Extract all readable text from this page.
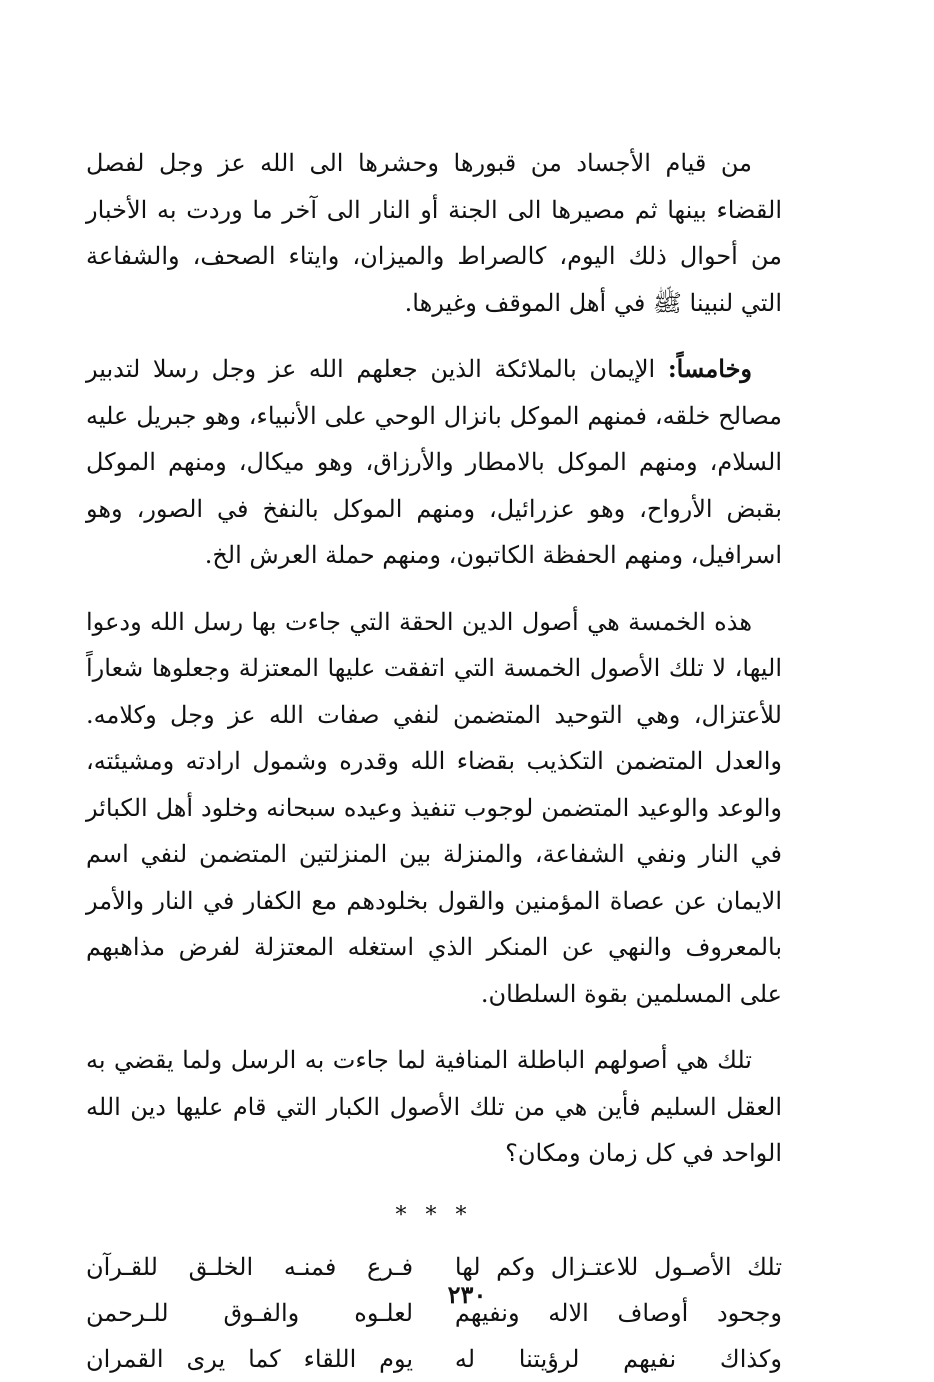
من قيام الأجساد من قبورها وحشرها الى الله عز وجل لفصل القضاء بينها ثم مصيرها الى الجنة أو النار الى آخر ما وردت به الأخبار من أحوال ذلك اليوم، كالصراط والميزان، وايتاء الصحف، والشفاعة التي لنبينا ﷺ في أهل الموقف وغيرها.

وخامساً: الإيمان بالملائكة الذين جعلهم الله عز وجل رسلا لتدبير مصالح خلقه، فمنهم الموكل بانزال الوحي على الأنبياء، وهو جبريل عليه السلام، ومنهم الموكل بالامطار والأرزاق، وهو ميكال، ومنهم الموكل بقبض الأرواح، وهو عزرائيل، ومنهم الموكل بالنفخ في الصور، وهو اسرافيل، ومنهم الحفظة الكاتبون، ومنهم حملة العرش الخ.

هذه الخمسة هي أصول الدين الحقة التي جاءت بها رسل الله ودعوا اليها، لا تلك الأصول الخمسة التي اتفقت عليها المعتزلة وجعلوها شعاراً للأعتزال، وهي التوحيد المتضمن لنفي صفات الله عز وجل وكلامه. والعدل المتضمن التكذيب بقضاء الله وقدره وشمول ارادته ومشيئته، والوعد والوعيد المتضمن لوجوب تنفيذ وعيده سبحانه وخلود أهل الكبائر في النار ونفي الشفاعة، والمنزلة بين المنزلتين المتضمن لنفي اسم الايمان عن عصاة المؤمنين والقول بخلودهم مع الكفار في النار والأمر بالمعروف والنهي عن المنكر الذي استغله المعتزلة لفرض مذاهبهم على المسلمين بقوة السلطان.

تلك هي أصولهم الباطلة المنافية لما جاءت به الرسل ولما يقضي به العقل السليم فأين هي من تلك الأصول الكبار التي قام عليها دين الله الواحد في كل زمان ومكان؟

* * *
تلك الأصـول للاعتـزال وكم لها
فـرع فمنـه الخلـق للقـرآن
وجحود أوصاف الاله ونفيهم
لعلـوه والفـوق للـرحمن
وكذاك نفيهم لرؤيتنا له
يوم اللقاء كما يرى القمران
٢٣٠
